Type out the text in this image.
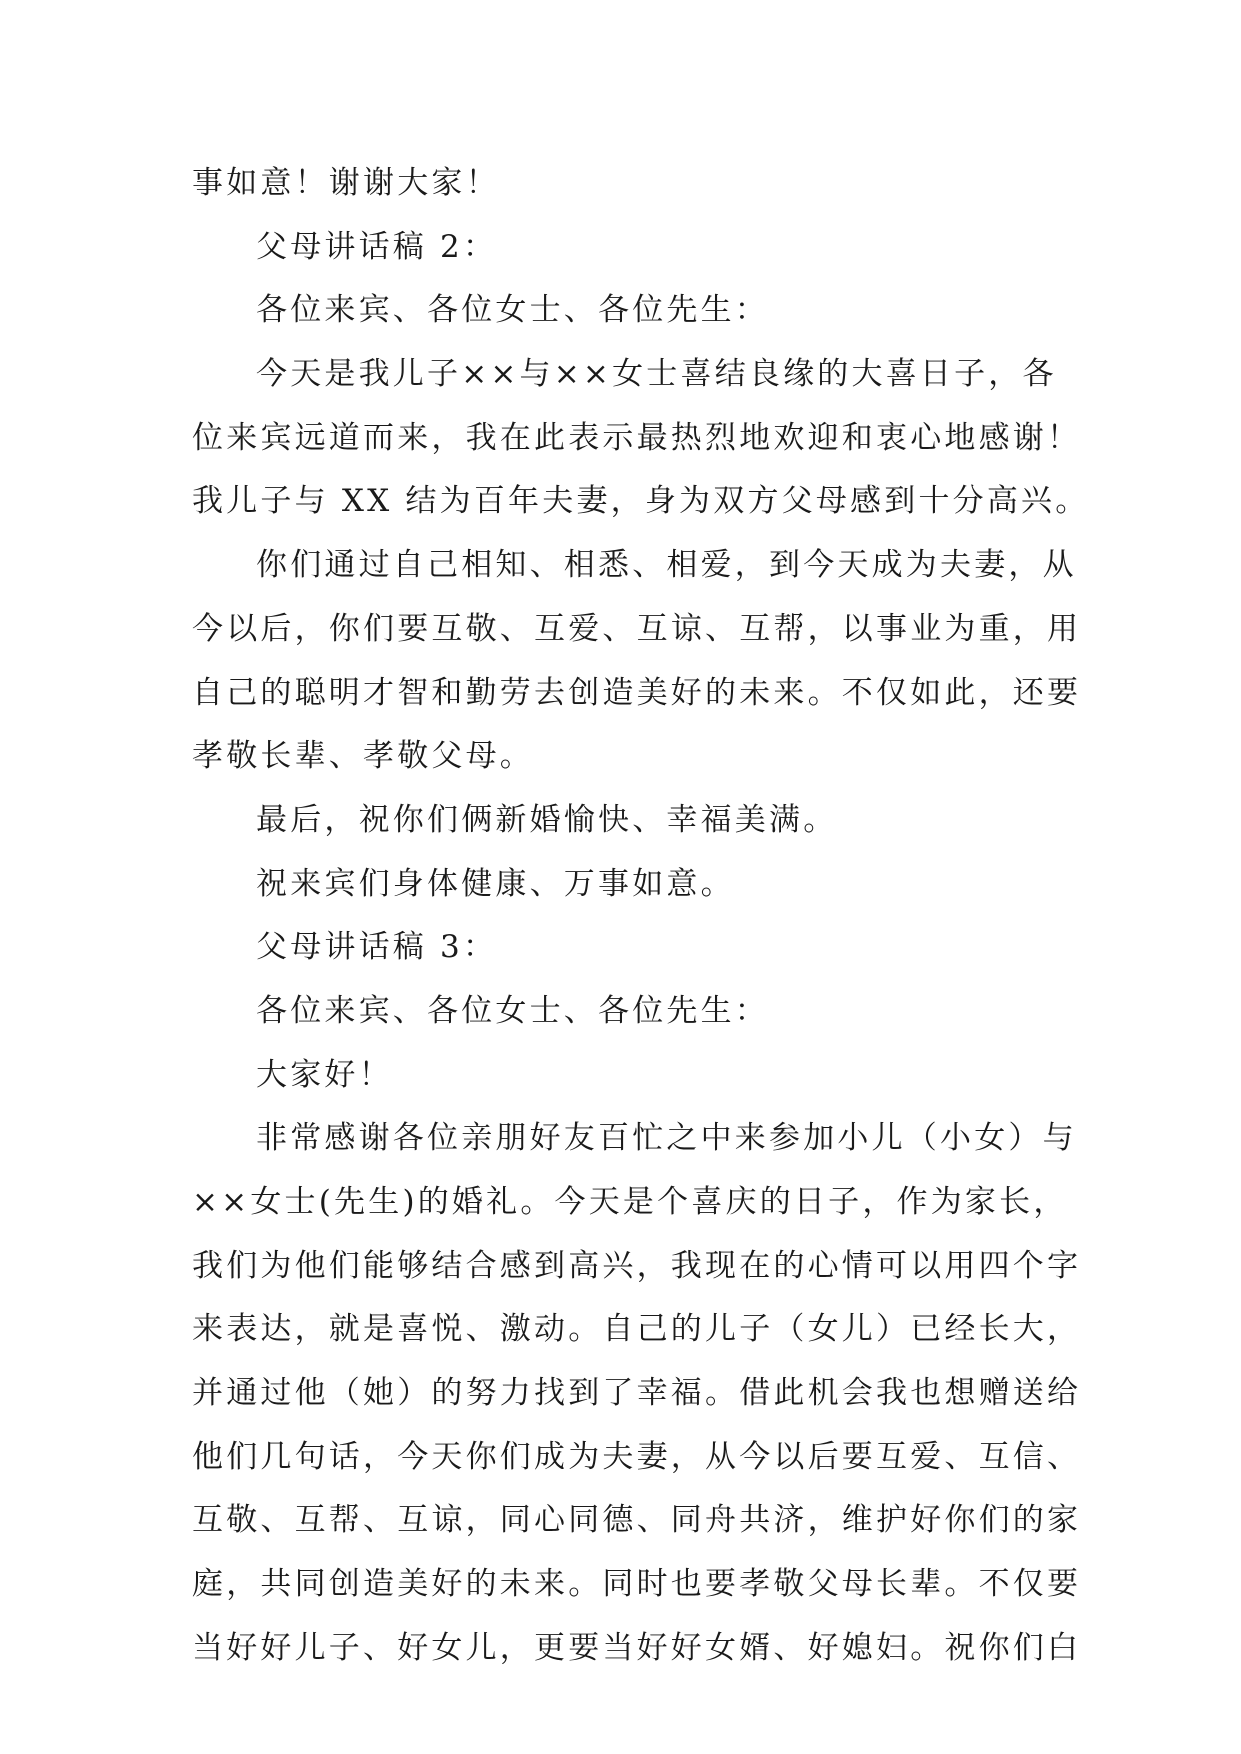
事如意！谢谢大家！
父母讲话稿 2：
各位来宾、各位女士、各位先生：
今天是我儿子××与××女士喜结良缘的大喜日子，各
位来宾远道而来，我在此表示最热烈地欢迎和衷心地感谢！
我儿子与 XX 结为百年夫妻，身为双方父母感到十分高兴。
你们通过自己相知、相悉、相爱，到今天成为夫妻，从
今以后，你们要互敬、互爱、互谅、互帮，以事业为重，用
自己的聪明才智和勤劳去创造美好的未来。不仅如此，还要
孝敬长辈、孝敬父母。
最后，祝你们俩新婚愉快、幸福美满。
祝来宾们身体健康、万事如意。
父母讲话稿 3：
各位来宾、各位女士、各位先生：
大家好！
非常感谢各位亲朋好友百忙之中来参加小儿（小女）与
××女士(先生)的婚礼。今天是个喜庆的日子，作为家长，
我们为他们能够结合感到高兴，我现在的心情可以用四个字
来表达，就是喜悦、激动。自己的儿子（女儿）已经长大，
并通过他（她）的努力找到了幸福。借此机会我也想赠送给
他们几句话，今天你们成为夫妻，从今以后要互爱、互信、
互敬、互帮、互谅，同心同德、同舟共济，维护好你们的家
庭，共同创造美好的未来。同时也要孝敬父母长辈。不仅要
当好好儿子、好女儿，更要当好好女婿、好媳妇。祝你们白
